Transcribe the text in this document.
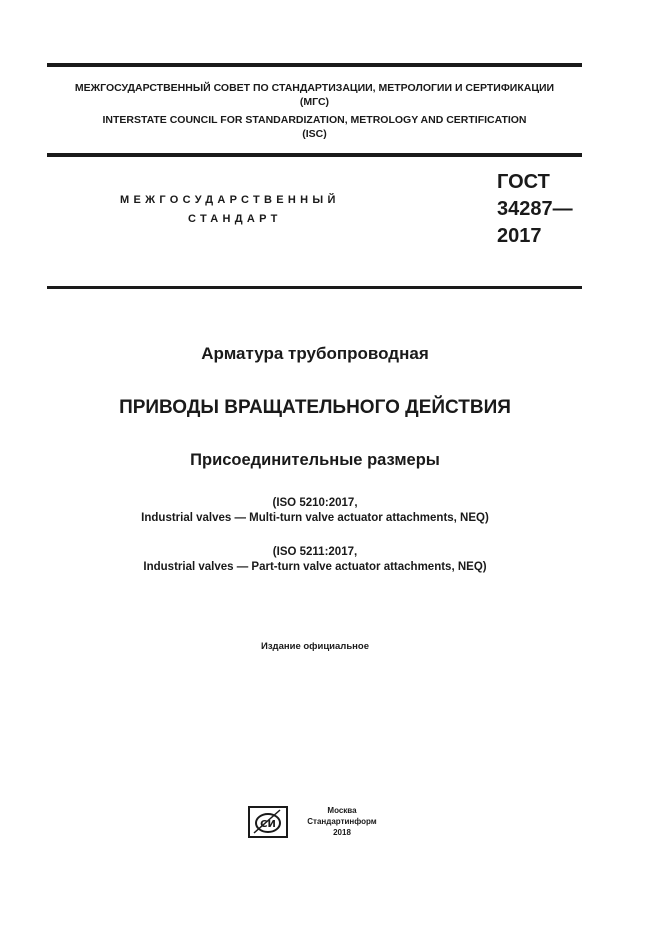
МЕЖГОСУДАРСТВЕННЫЙ СОВЕТ ПО СТАНДАРТИЗАЦИИ, МЕТРОЛОГИИ И СЕРТИФИКАЦИИ
(МГС)
INTERSTATE COUNCIL FOR STANDARDIZATION, METROLOGY AND CERTIFICATION
(ISC)
МЕЖГОСУДАРСТВЕННЫЙ
СТАНДАРТ
ГОСТ
34287—
2017
Арматура трубопроводная
ПРИВОДЫ ВРАЩАТЕЛЬНОГО ДЕЙСТВИЯ
Присоединительные размеры
(ISO 5210:2017,
Industrial valves — Multi-turn valve actuator attachments, NEQ)
(ISO 5211:2017,
Industrial valves — Part-turn valve actuator attachments, NEQ)
Издание официальное
СИ
Москва
Стандартинформ
2018
